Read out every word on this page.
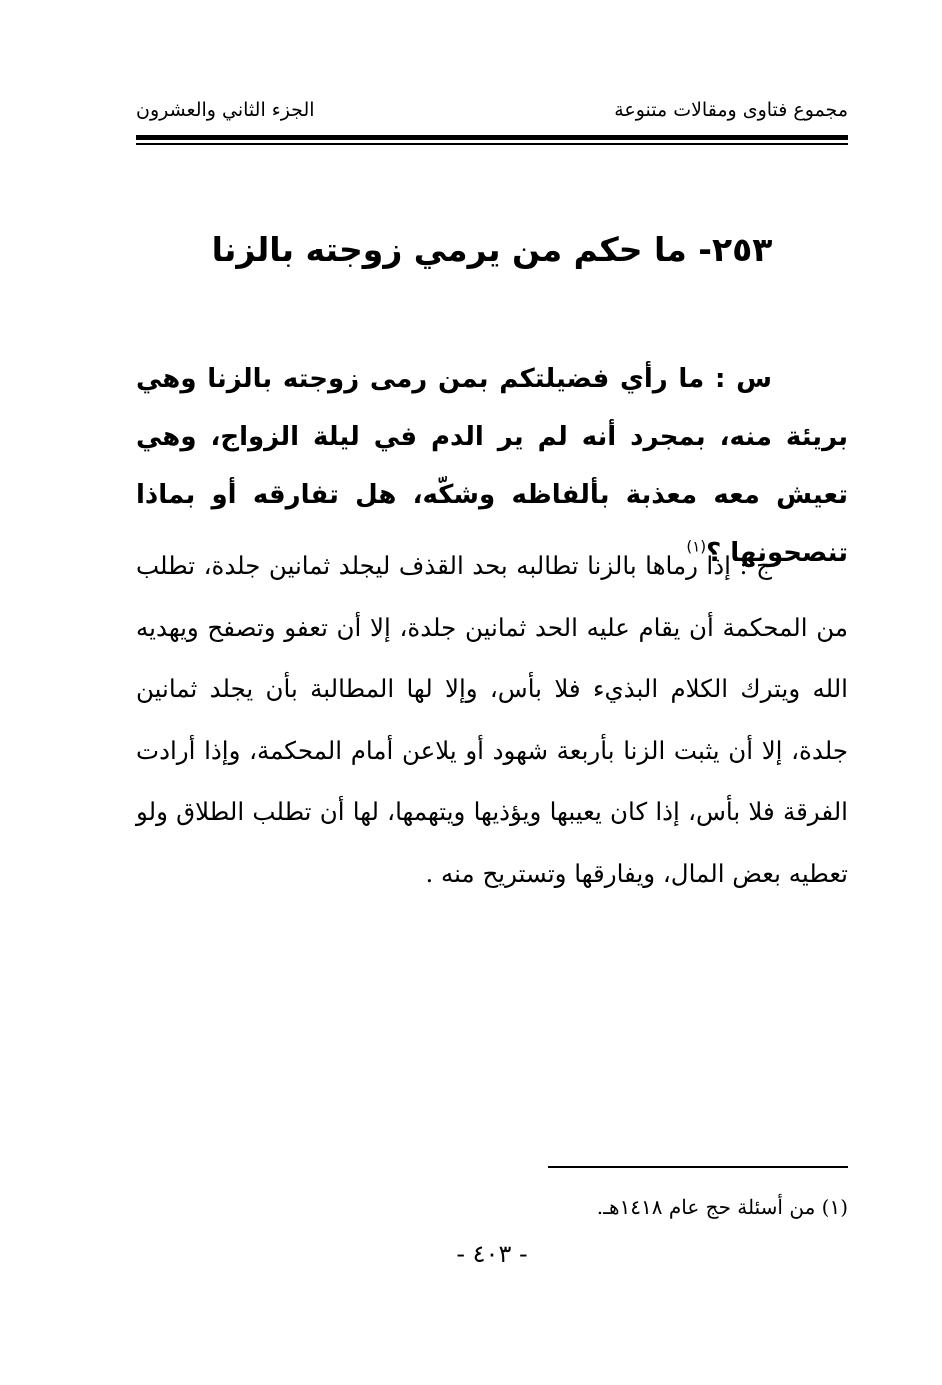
الجزء الثاني والعشرون	مجموع فتاوى ومقالات متنوعة
٢٥٣- ما حكم من يرمي زوجته بالزنا
س : ما رأي فضيلتكم بمن رمى زوجته بالزنا وهي بريئة منه، بمجرد أنه لم ير الدم في ليلة الزواج، وهي تعيش معه معذبة بألفاظه وشكّه، هل تفارقه أو بماذا تنصحونها ؟$^{(١)}$
ج : إذا رماها بالزنا تطالبه بحد القذف ليجلد ثمانين جلدة، تطلب من المحكمة أن يقام عليه الحد ثمانين جلدة، إلا أن تعفو وتصفح ويهديه الله ويترك الكلام البذيء فلا بأس، وإلا لها المطالبة بأن يجلد ثمانين جلدة، إلا أن يثبت الزنا بأربعة شهود أو يلاعن أمام المحكمة، وإذا أرادت الفرقة فلا بأس، إذا كان يعيبها ويؤذيها ويتهمها، لها أن تطلب الطلاق ولو تعطيه بعض المال، ويفارقها وتستريح منه .
(١) من أسئلة حج عام ١٤١٨هـ.
- ٤٠٣ -
